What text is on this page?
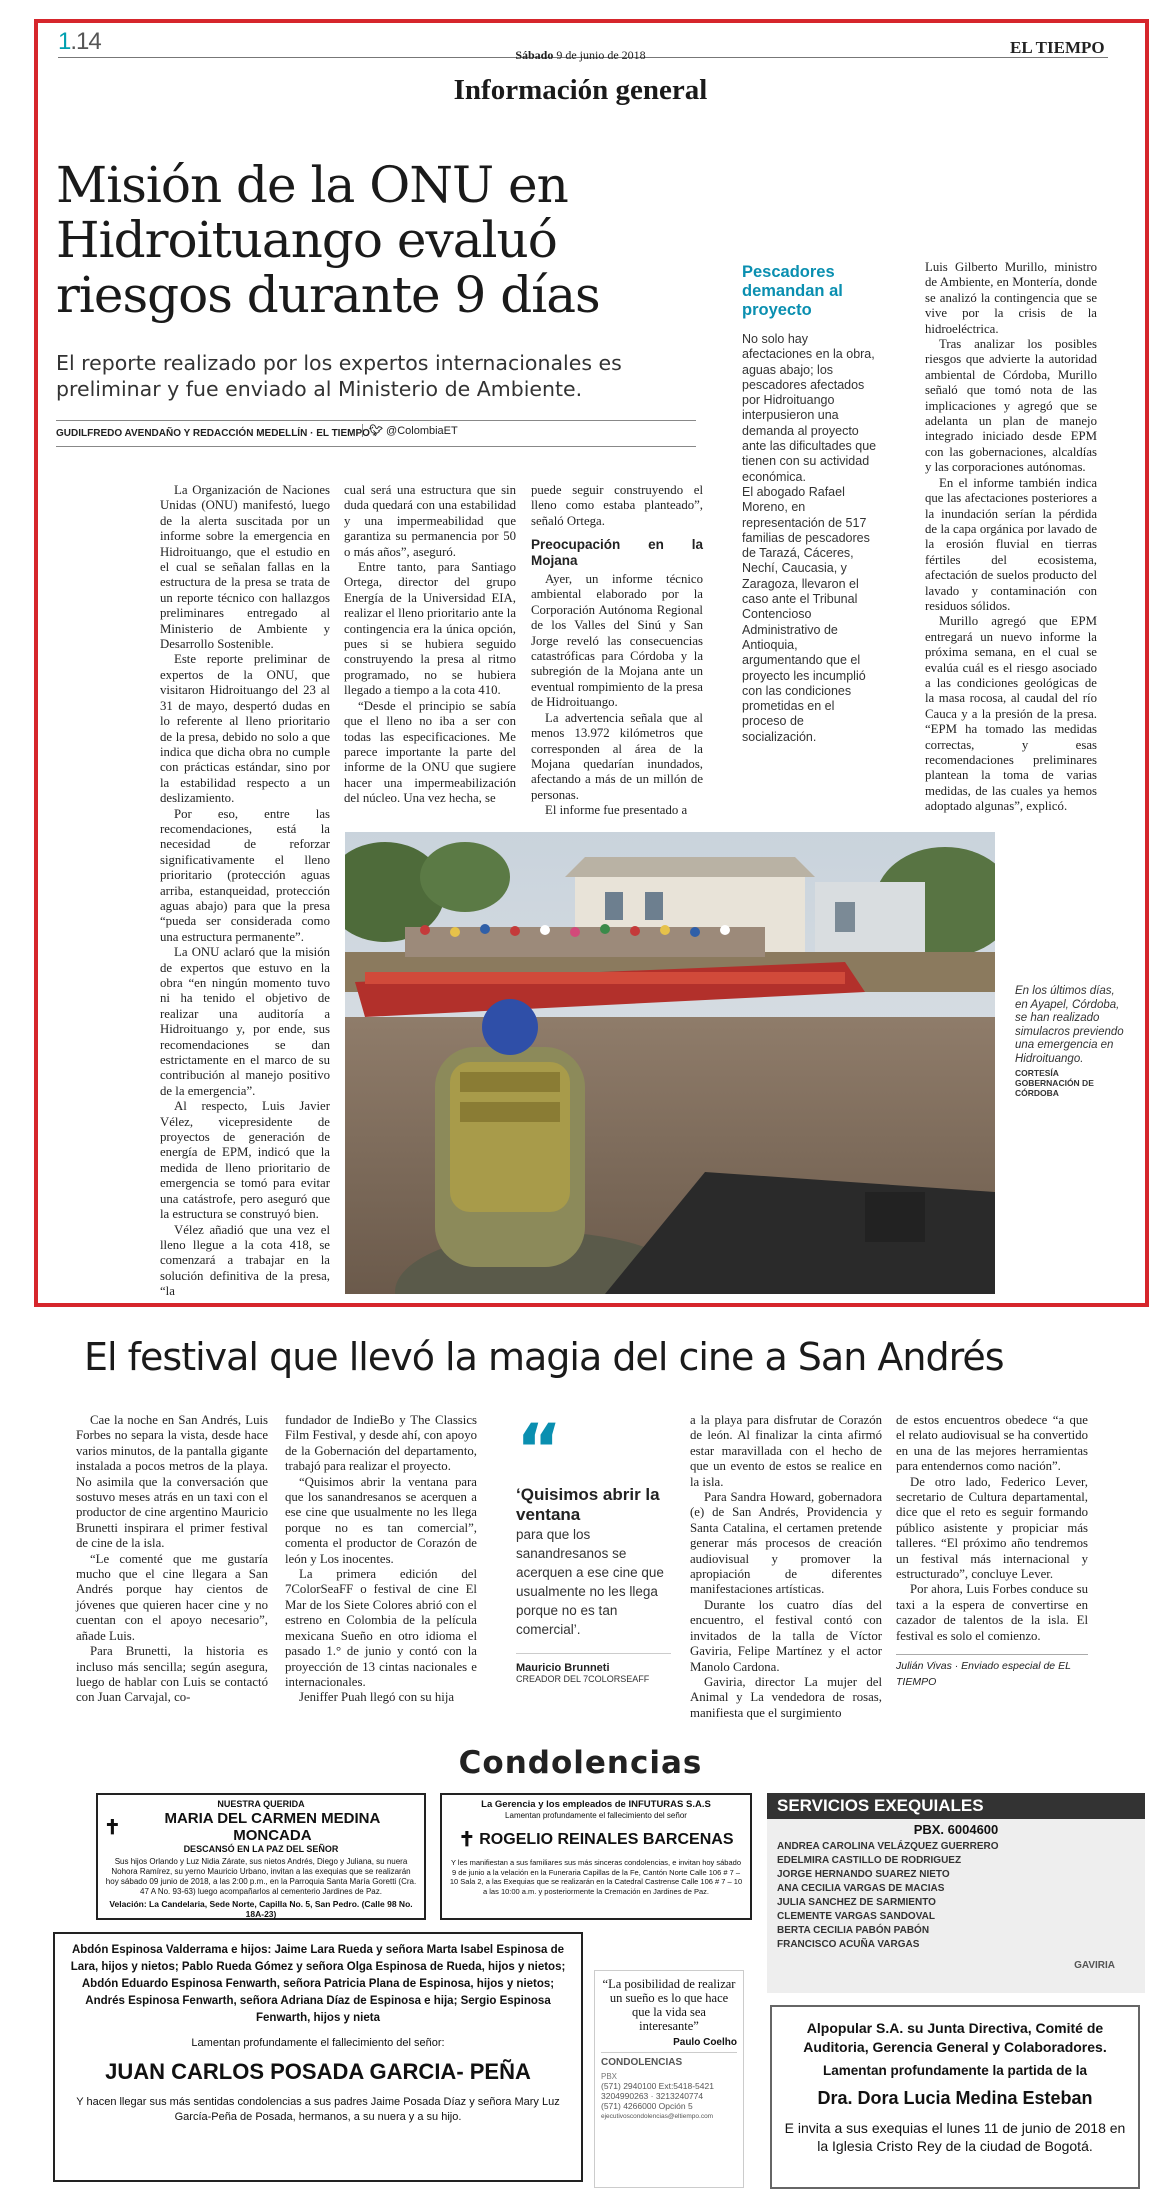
1.14	Sábado 9 de junio de 2018	EL TIEMPO
Información general
Misión de la ONU en Hidroituango evaluó riesgos durante 9 días
El reporte realizado por los expertos internacionales es preliminar y fue enviado al Ministerio de Ambiente.
GUDILFREDO AVENDAÑO Y REDACCIÓN MEDELLÍN · EL TIEMPO 🐦︎ @ColombiaET

La Organización de Naciones Unidas (ONU) manifestó, luego de la alerta suscitada por un informe sobre la emergencia en Hidroituango, que el estudio en el cual se señalan fallas en la estructura de la presa se trata de un reporte técnico con hallazgos preliminares entregado al Ministerio de Ambiente y Desarrollo Sostenible.

Este reporte preliminar de expertos de la ONU, que visitaron Hidroituango del 23 al 31 de mayo, despertó dudas en lo referente al lleno prioritario de la presa, debido no solo a que indica que dicha obra no cumple con prácticas estándar, sino por la estabilidad respecto a un deslizamiento.

Por eso, entre las recomendaciones, está la necesidad de reforzar significativamente el lleno prioritario (protección aguas arriba, estanqueidad, protección aguas abajo) para que la presa “pueda ser considerada como una estructura permanente”.

La ONU aclaró que la misión de expertos que estuvo en la obra “en ningún momento tuvo ni ha tenido el objetivo de realizar una auditoría a Hidroituango y, por ende, sus recomendaciones se dan estrictamente en el marco de su contribución al manejo positivo de la emergencia”.

Al respecto, Luis Javier Vélez, vicepresidente de proyectos de generación de energía de EPM, indicó que la medida de lleno prioritario de emergencia se tomó para evitar una catástrofe, pero aseguró que la estructura se construyó bien.

Vélez añadió que una vez el lleno llegue a la cota 418, se comenzará a trabajar en la solución definitiva de la presa, “la

cual será una estructura que sin duda quedará con una estabilidad y una impermeabilidad que garantiza su permanencia por 50 o más años”, aseguró.

Entre tanto, para Santiago Ortega, director del grupo Energía de la Universidad EIA, realizar el lleno prioritario ante la contingencia era la única opción, pues si se hubiera seguido construyendo la presa al ritmo programado, no se hubiera llegado a tiempo a la cota 410.

“Desde el principio se sabía que el lleno no iba a ser con todas las especificaciones. Me parece importante la parte del informe de la ONU que sugiere hacer una impermeabilización del núcleo. Una vez hecha, se

puede seguir construyendo el lleno como estaba planteado”, señaló Ortega.

Preocupación en la Mojana

Ayer, un informe técnico ambiental elaborado por la Corporación Autónoma Regional de los Valles del Sinú y San Jorge reveló las consecuencias catastróficas para Córdoba y la subregión de la Mojana ante un eventual rompimiento de la presa de Hidroituango.

La advertencia señala que al menos 13.972 kilómetros que corresponden al área de la Mojana quedarían inundados, afectando a más de un millón de personas.

El informe fue presentado a

Pescadores demandan al proyecto

No solo hay afectaciones en la obra, aguas abajo; los pescadores afectados por Hidroituango interpusieron una demanda al proyecto ante las dificultades que tienen con su actividad económica.

El abogado Rafael Moreno, en representación de 517 familias de pescadores de Tarazá, Cáceres, Nechí, Caucasia, y Zaragoza, llevaron el caso ante el Tribunal Contencioso Administrativo de Antioquia, argumentando que el proyecto les incumplió con las condiciones prometidas en el proceso de socialización.

Luis Gilberto Murillo, ministro de Ambiente, en Montería, donde se analizó la contingencia que se vive por la crisis de la hidroeléctrica.

Tras analizar los posibles riesgos que advierte la autoridad ambiental de Córdoba, Murillo señaló que tomó nota de las implicaciones y agregó que se adelanta un plan de manejo integrado iniciado desde EPM con las gobernaciones, alcaldías y las corporaciones autónomas.

En el informe también indica que las afectaciones posteriores a la inundación serían la pérdida de la capa orgánica por lavado de la erosión fluvial en tierras fértiles del ecosistema, afectación de suelos producto del lavado y contaminación con residuos sólidos.

Murillo agregó que EPM entregará un nuevo informe la próxima semana, en el cual se evalúa cuál es el riesgo asociado a las condiciones geológicas de la masa rocosa, al caudal del río Cauca y a la presión de la presa. “EPM ha tomado las medidas correctas, y esas recomendaciones preliminares plantean la toma de varias medidas, de las cuales ya hemos adoptado algunas”, explicó.

En los últimos días, en Ayapel, Córdoba, se han realizado simulacros previendo una emergencia en Hidroituango.
CORTESÍA GOBERNACIÓN DE CÓRDOBA
El festival que llevó la magia del cine a San Andrés

Cae la noche en San Andrés, Luis Forbes no separa la vista, desde hace varios minutos, de la pantalla gigante instalada a pocos metros de la playa. No asimila que la conversación que sostuvo meses atrás en un taxi con el productor de cine argentino Mauricio Brunetti inspirara el primer festival de cine de la isla.

“Le comenté que me gustaría mucho que el cine llegara a San Andrés porque hay cientos de jóvenes que quieren hacer cine y no cuentan con el apoyo necesario”, añade Luis.

Para Brunetti, la historia es incluso más sencilla; según asegura, luego de hablar con Luis se contactó con Juan Carvajal, co-

fundador de IndieBo y The Classics Film Festival, y desde ahí, con apoyo de la Gobernación del departamento, trabajó para realizar el proyecto.

“Quisimos abrir la ventana para que los sanandresanos se acerquen a ese cine que usualmente no les llega porque no es tan comercial”, comenta el productor de Corazón de león y Los inocentes.

La primera edición del 7ColorSeaFF o festival de cine El Mar de los Siete Colores abrió con el estreno en Colombia de la película mexicana Sueño en otro idioma el pasado 1.° de junio y contó con la proyección de 13 cintas nacionales e internacionales.

Jeniffer Puah llegó con su hija

“
‘Quisimos abrir la ventana
para que los sanandresanos se acerquen a ese cine que usualmente no les llega porque no es tan comercial’.
Mauricio Brunneti
CREADOR DEL 7COLORSEAFF

a la playa para disfrutar de Corazón de león. Al finalizar la cinta afirmó estar maravillada con el hecho de que un evento de estos se realice en la isla.

Para Sandra Howard, gobernadora (e) de San Andrés, Providencia y Santa Catalina, el certamen pretende generar más procesos de creación audiovisual y promover la apropiación de diferentes manifestaciones artísticas.

Durante los cuatro días del encuentro, el festival contó con invitados de la talla de Víctor Gaviria, Felipe Martínez y el actor Manolo Cardona.

Gaviria, director La mujer del Animal y La vendedora de rosas, manifiesta que el surgimiento

de estos encuentros obedece “a que el relato audiovisual se ha convertido en una de las mejores herramientas para entendernos como nación”.

De otro lado, Federico Lever, secretario de Cultura departamental, dice que el reto es seguir formando público asistente y propiciar más talleres. “El próximo año tendremos un festival más internacional y estructurado”, concluye Lever.

Por ahora, Luis Forbes conduce su taxi a la espera de convertirse en cazador de talentos de la isla. El festival es solo el comienzo.

Julián Vivas · Enviado especial de EL TIEMPO
Condolencias
NUESTRA QUERIDA
✝	MARIA DEL CARMEN MEDINA MONCADA
DESCANSÓ EN LA PAZ DEL SEÑOR
Sus hijos Orlando y Luz Nidia Zárate, sus nietos Andrés, Diego y Juliana, su nuera Nohora Ramírez, su yerno Mauricio Urbano, invitan a las exequias que se realizarán hoy sábado 09 junio de 2018, a las 2:00 p.m., en la Parroquia Santa María Goretti (Cra. 47 A No. 93-63) luego acompañarlos al cementerio Jardines de Paz.
Velación: La Candelaria, Sede Norte, Capilla No. 5, San Pedro. (Calle 98 No. 18A-23)
La Gerencia y los empleados de INFUTURAS S.A.S
Lamentan profundamente el fallecimiento del señor
✝ ROGELIO REINALES BARCENAS
Y les manifiestan a sus familiares sus más sinceras condolencias, e invitan hoy sábado 9 de junio a la velación en la Funeraria Capillas de la Fe, Cantón Norte Calle 106 # 7 – 10 Sala 2, a las Exequias que se realizarán en la Catedral Castrense Calle 106 # 7 – 10 a las 10:00 a.m. y posteriormente la Cremación en Jardines de Paz.
SERVICIOS EXEQUIALES
PBX. 6004600
ANDREA CAROLINA VELÁZQUEZ GUERRERO
EDELMIRA CASTILLO DE RODRIGUEZ
JORGE HERNANDO SUAREZ NIETO
ANA CECILIA VARGAS DE MACIAS
JULIA SANCHEZ DE SARMIENTO
CLEMENTE VARGAS SANDOVAL
BERTA CECILIA PABÓN PABÓN
FRANCISCO ACUÑA VARGAS
GAVIRIA
Abdón Espinosa Valderrama e hijos: Jaime Lara Rueda y señora Marta Isabel Espinosa de Lara, hijos y nietos; Pablo Rueda Gómez y señora Olga Espinosa de Rueda, hijos y nietos; Abdón Eduardo Espinosa Fenwarth, señora Patricia Plana de Espinosa, hijos y nietos; Andrés Espinosa Fenwarth, señora Adriana Díaz de Espinosa e hija; Sergio Espinosa Fenwarth, hijos y nieta
Lamentan profundamente el fallecimiento del señor:
JUAN CARLOS POSADA GARCIA- PEÑA
Y hacen llegar sus más sentidas condolencias a sus padres Jaime Posada Díaz y señora Mary Luz García-Peña de Posada, hermanos, a su nuera y a su hijo.
“La posibilidad de realizar un sueño es lo que hace que la vida sea interesante”
Paulo Coelho
CONDOLENCIAS
PBX
(571) 2940100 Ext:5418-5421
3204990263 · 3213240774
(571) 4266000 Opción 5
ejecutivoscondolencias@eltiempo.com
Alpopular S.A. su Junta Directiva, Comité de Auditoria, Gerencia General y Colaboradores.
Lamentan profundamente la partida de la
Dra. Dora Lucia Medina Esteban
E invita a sus exequias el lunes 11 de junio de 2018 en la Iglesia Cristo Rey de la ciudad de Bogotá.
